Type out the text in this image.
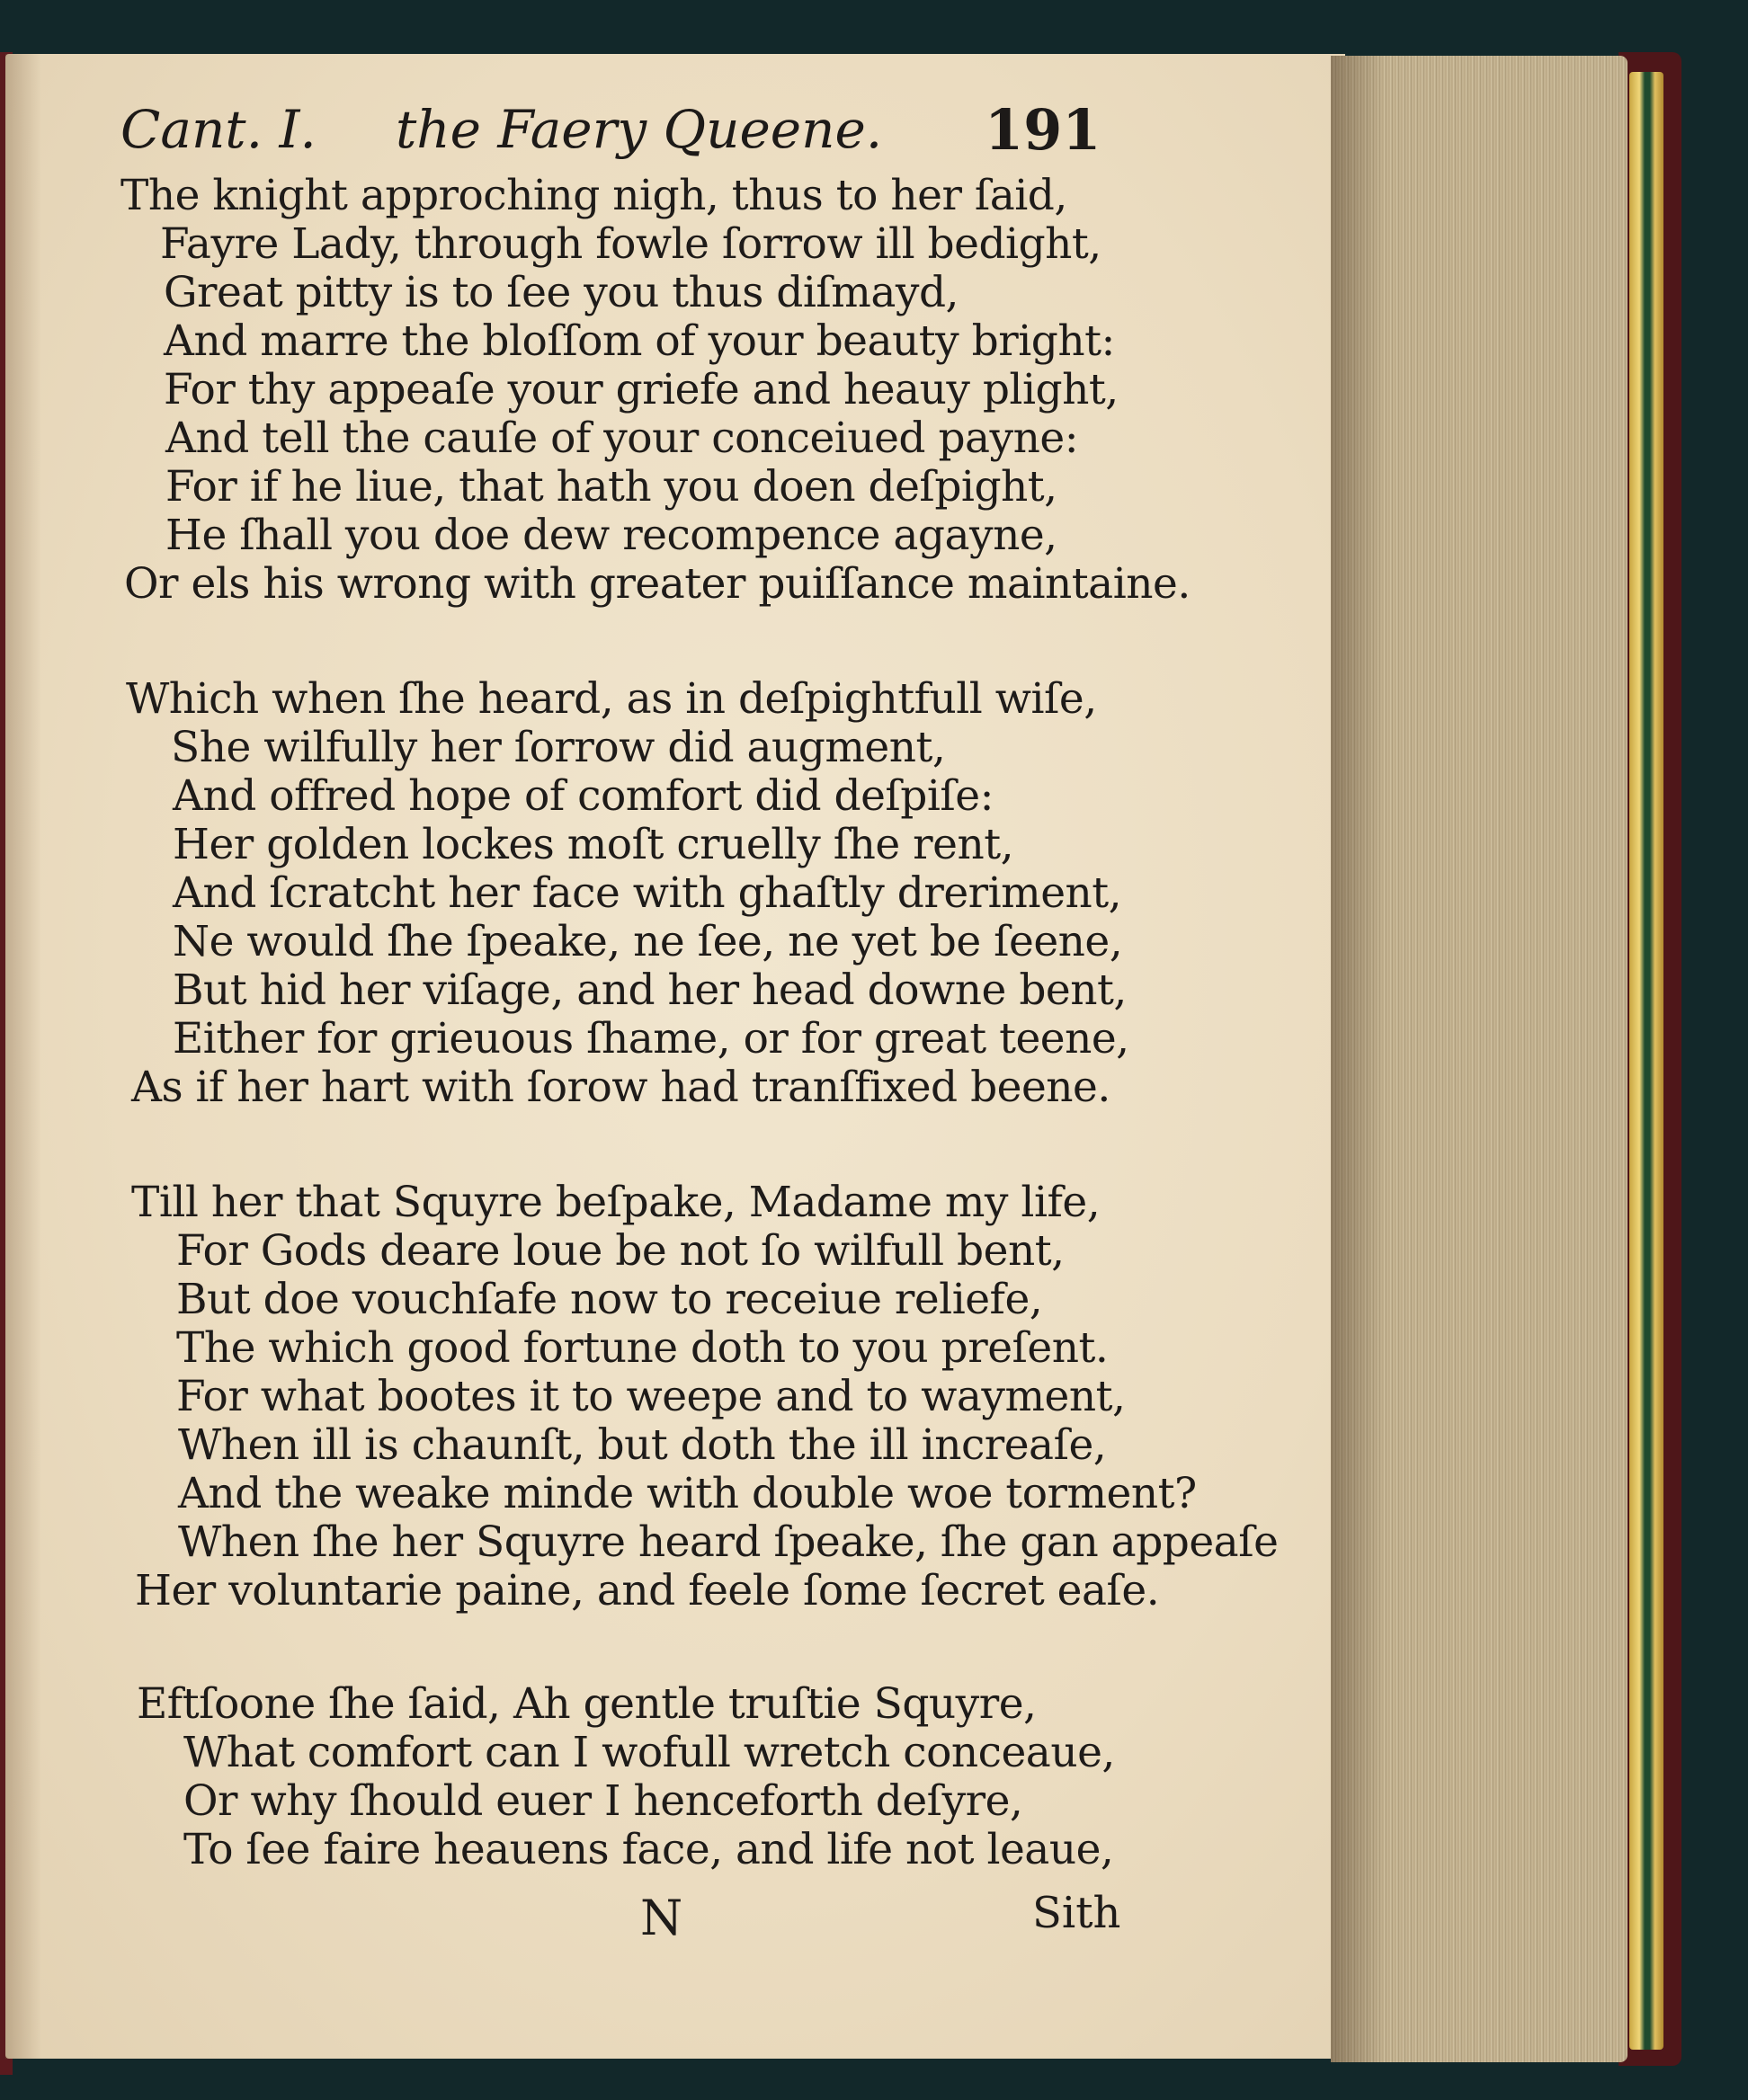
Cant. I. the Faery Queene. 191
The knight approching nigh, thus to her ſaid,
Fayre Lady, through fowle ſorrow ill bedight,
Great pitty is to ſee you thus diſmayd,
And marre the bloſſom of your beauty bright:
For thy appeaſe your griefe and heauy plight,
And tell the cauſe of your conceiued payne:
For if he liue, that hath you doen deſpight,
He ſhall you doe dew recompence agayne,
Or els his wrong with greater puiſſance maintaine.
Which when ſhe heard, as in deſpightfull wiſe,
She wilfully her ſorrow did augment,
And offred hope of comfort did deſpiſe:
Her golden lockes moſt cruelly ſhe rent,
And ſcratcht her face with ghaſtly dreriment,
Ne would ſhe ſpeake, ne ſee, ne yet be ſeene,
But hid her viſage, and her head downe bent,
Either for grieuous ſhame, or for great teene,
As if her hart with ſorow had tranſfixed beene.
Till her that Squyre beſpake, Madame my life,
For Gods deare loue be not ſo wilfull bent,
But doe vouchſafe now to receiue reliefe,
The which good fortune doth to you preſent.
For what bootes it to weepe and to wayment,
When ill is chaunſt, but doth the ill increaſe,
And the weake minde with double woe torment?
When ſhe her Squyre heard ſpeake, ſhe gan appeaſe
Her voluntarie paine, and feele ſome ſecret eaſe.
Eftſoone ſhe ſaid, Ah gentle truſtie Squyre,
What comfort can I wofull wretch conceaue,
Or why ſhould euer I henceforth deſyre,
To ſee faire heauens face, and life not leaue,
N	Sith
